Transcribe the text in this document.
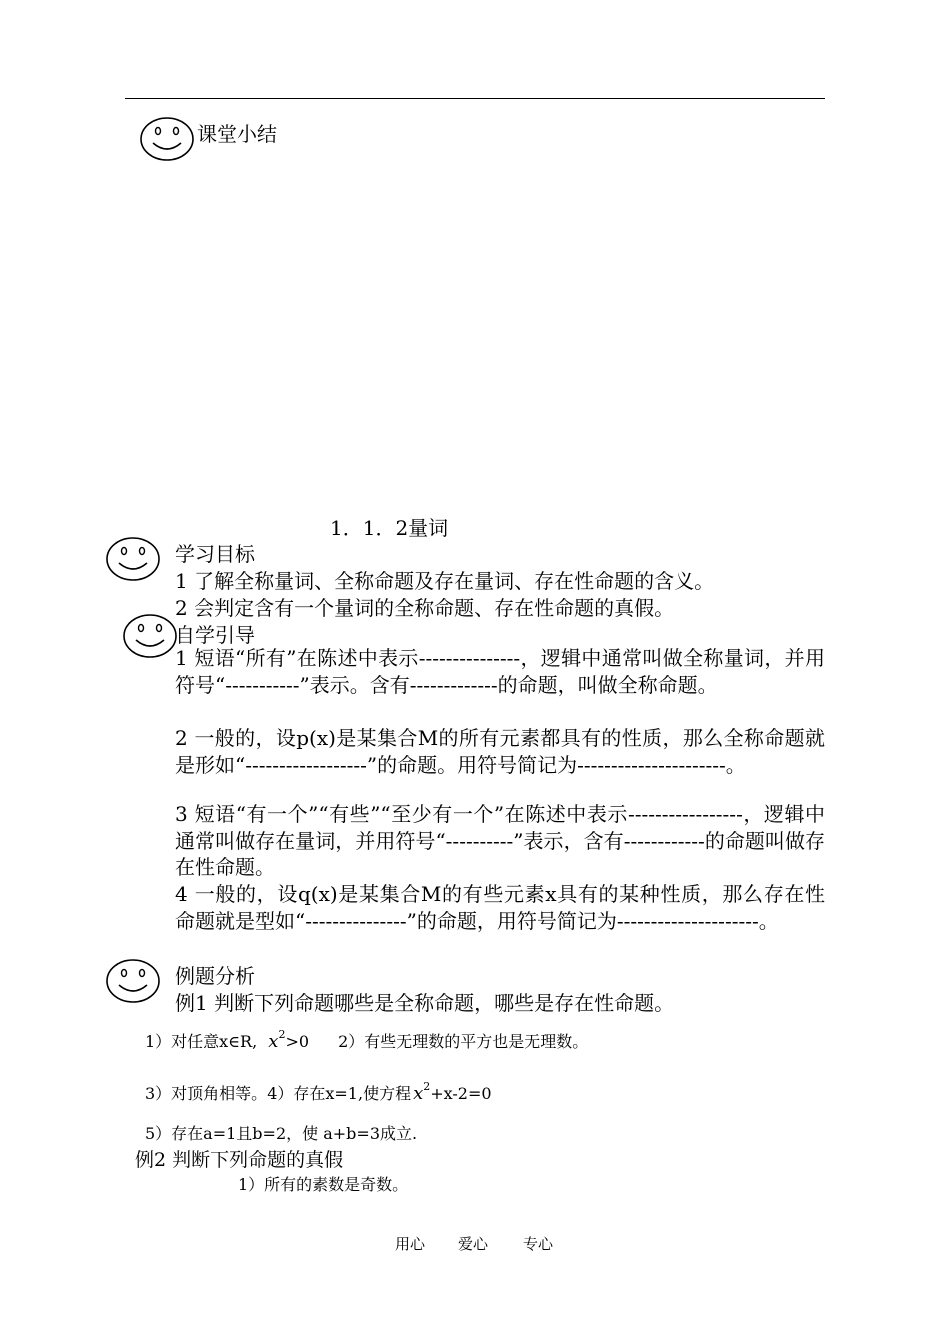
课堂小结
1．1．2量词
学习目标
1 了解全称量词、全称命题及存在量词、存在性命题的含义。
2 会判定含有一个量词的全称命题、存在性命题的真假。
自学引导
1 短语“所有”在陈述中表示---------------，逻辑中通常叫做全称量词，并用符号“-----------”表示。含有-------------的命题，叫做全称命题。
2 一般的，设p(x)是某集合M的所有元素都具有的性质，那么全称命题就是形如“------------------”的命题。用符号简记为----------------------。
3 短语“有一个”“有些”“至少有一个”在陈述中表示-----------------，逻辑中通常叫做存在量词，并用符号“----------”表示，含有------------的命题叫做存在性命题。
4 一般的，设q(x)是某集合M的有些元素x具有的某种性质，那么存在性命题就是型如“---------------”的命题，用符号简记为---------------------。
例题分析
例1 判断下列命题哪些是全称命题，哪些是存在性命题。
1）对任意x∈R, $x^2>0$ 2）有些无理数的平方也是无理数。
3）对顶角相等。4）存在x=1,使方程 $x^2+x-2=0$
5）存在a=1且b=2，使 a+b=3成立.
例2 判断下列命题的真假
1）所有的素数是奇数。
用心 爱心 专心
